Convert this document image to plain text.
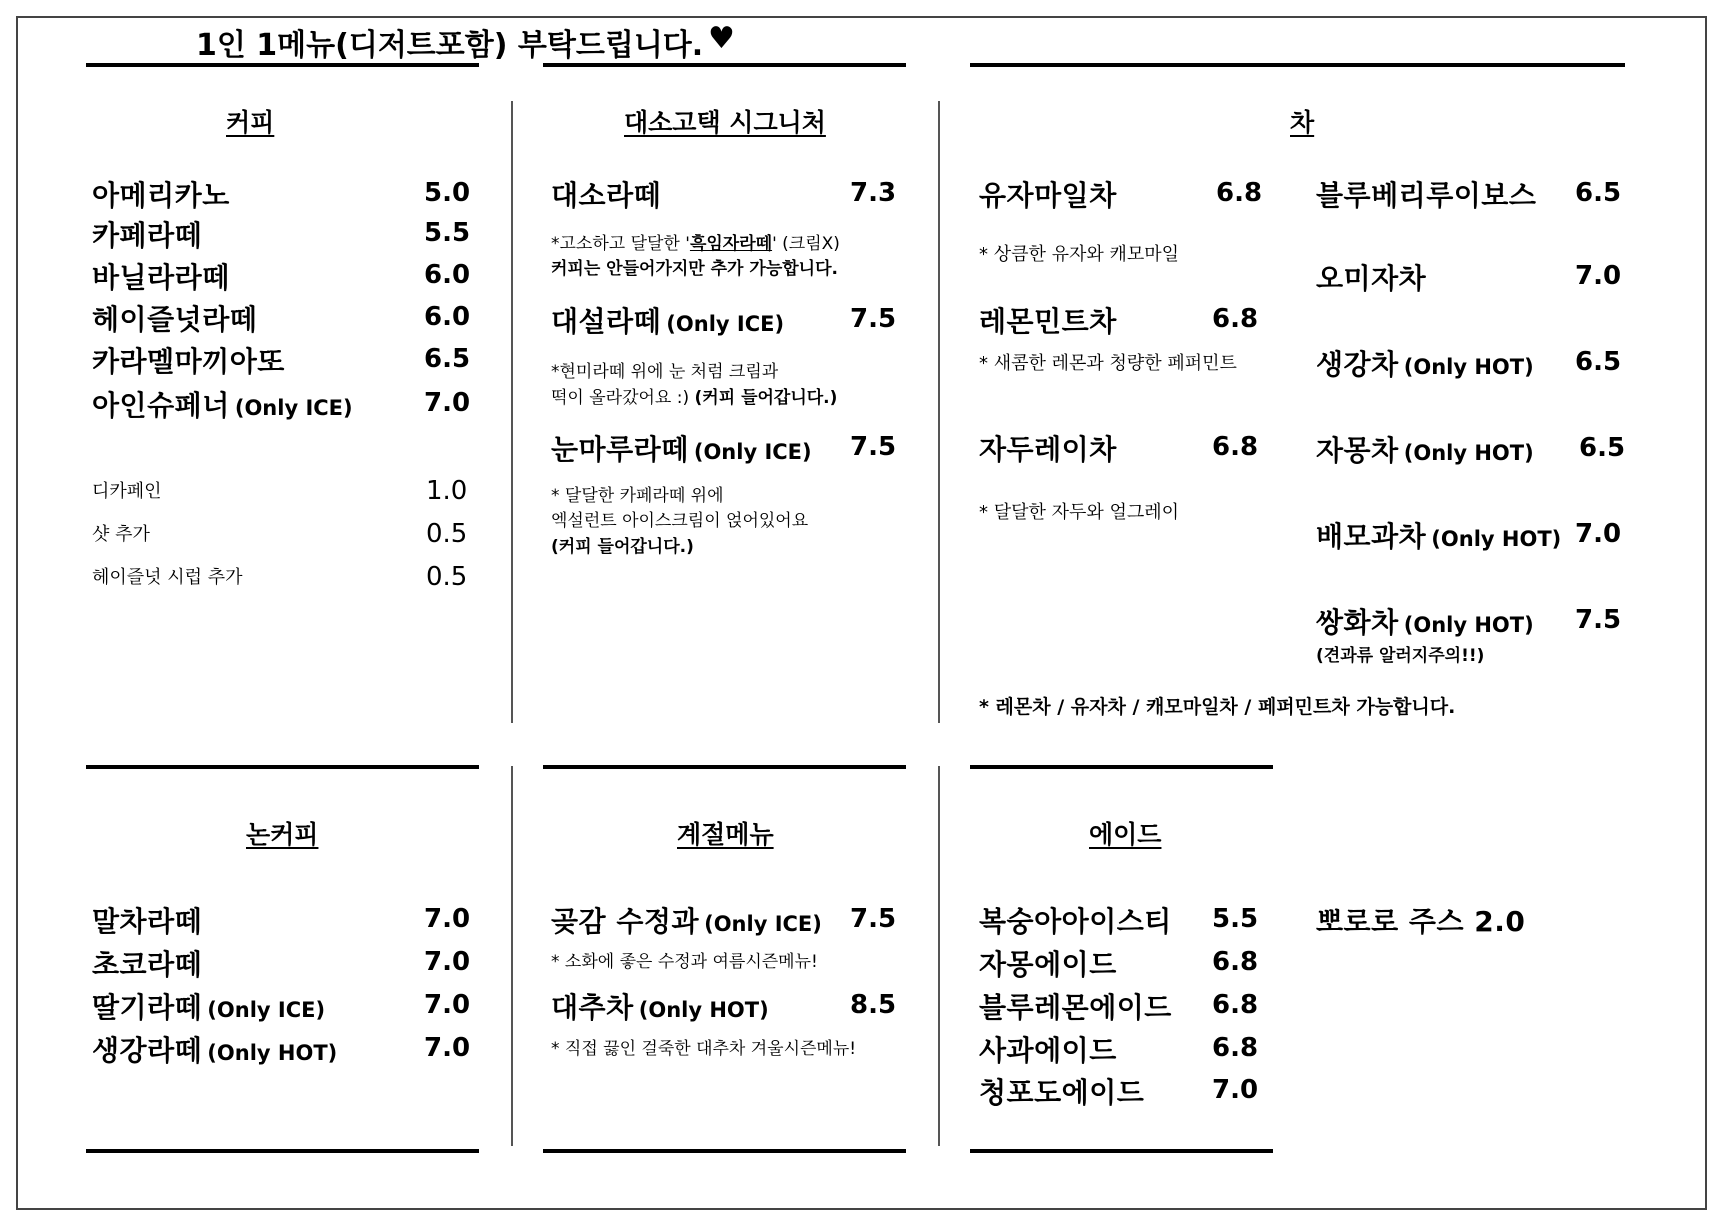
1인 1메뉴(디저트포함) 부탁드립니다. ♥
커피
아메리카노	5.0
카페라떼	5.5
바닐라라떼	6.0
헤이즐넛라떼	6.0
카라멜마끼아또	6.5
아인슈페너 (Only ICE)	7.0
디카페인	1.0
샷 추가	0.5
헤이즐넛 시럽 추가	0.5
대소고택 시그니처
대소라떼	7.3
*고소하고 달달한 '흑임자라떼' (크림X)
커피는 안들어가지만 추가 가능합니다.
대설라떼 (Only ICE)	7.5
*현미라떼 위에 눈 처럼 크림과
떡이 올라갔어요 :) (커피 들어갑니다.)
눈마루라떼 (Only ICE) 7.5
* 달달한 카페라떼 위에
엑설런트 아이스크림이 얹어있어요
(커피 들어갑니다.)
차
유자마일차	6.8
* 상큼한 유자와 캐모마일
레몬민트차	6.8
* 새콤한 레몬과 청량한 페퍼민트
자두레이차	6.8
* 달달한 자두와 얼그레이
블루베리루이보스 6.5
오미자차	7.0
생강차 (Only HOT) 6.5
자몽차 (Only HOT) 6.5
배모과차 (Only HOT) 7.0
쌍화차 (Only HOT) 7.5
(견과류 알러지주의!!)
* 레몬차 / 유자차 / 캐모마일차 / 페퍼민트차 가능합니다.
논커피
말차라떼	7.0
초코라떼	7.0
딸기라떼 (Only ICE)	7.0
생강라떼 (Only HOT)	7.0
계절메뉴
곶감 수정과 (Only ICE) 7.5
* 소화에 좋은 수정과 여름시즌메뉴!
대추차 (Only HOT)	8.5
* 직접 끓인 걸죽한 대추차 겨울시즌메뉴!
에이드
복숭아아이스티 5.5
자몽에이드	6.8
블루레몬에이드 6.8
사과에이드	6.8
청포도에이드	7.0
뽀로로 주스 2.0
